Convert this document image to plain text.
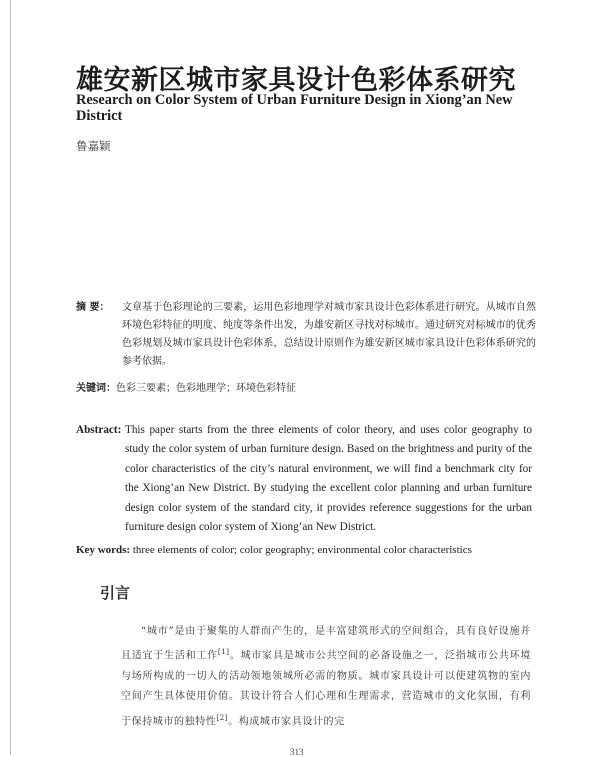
雄安新区城市家具设计色彩体系研究
Research on Color System of Urban Furniture Design in Xiong’an New District
鲁嘉颖
摘 要： 文章基于色彩理论的三要素，运用色彩地理学对城市家具设计色彩体系进行研究。从城市自然环境色彩特征的明度、纯度等条件出发，为雄安新区寻找对标城市。通过研究对标城市的优秀色彩规划及城市家具设计色彩体系，总结设计原则作为雄安新区城市家具设计色彩体系研究的参考依据。
关键词：色彩三要素；色彩地理学；环境色彩特征
Abstract: This paper starts from the three elements of color theory, and uses color geography to study the color system of urban furniture design. Based on the brightness and purity of the color characteristics of the city’s natural environment, we will find a benchmark city for the Xiong’an New District. By studying the excellent color planning and urban furniture design color system of the standard city, it provides reference suggestions for the urban furniture design color system of Xiong’an New District.
Key words: three elements of color; color geography; environmental color characteristics
引言
“城市”是由于聚集的人群而产生的，是丰富建筑形式的空间组合，具有良好设施并且适宜于生活和工作[1]。城市家具是城市公共空间的必备设施之一，泛指城市公共环境与场所构成的一切人的活动领地领城所必需的物质。城市家具设计可以使建筑物的室内空间产生具体使用价值。其设计符合人们心理和生理需求，营造城市的文化氛围，有利于保持城市的独特性[2]。构成城市家具设计的完
313
